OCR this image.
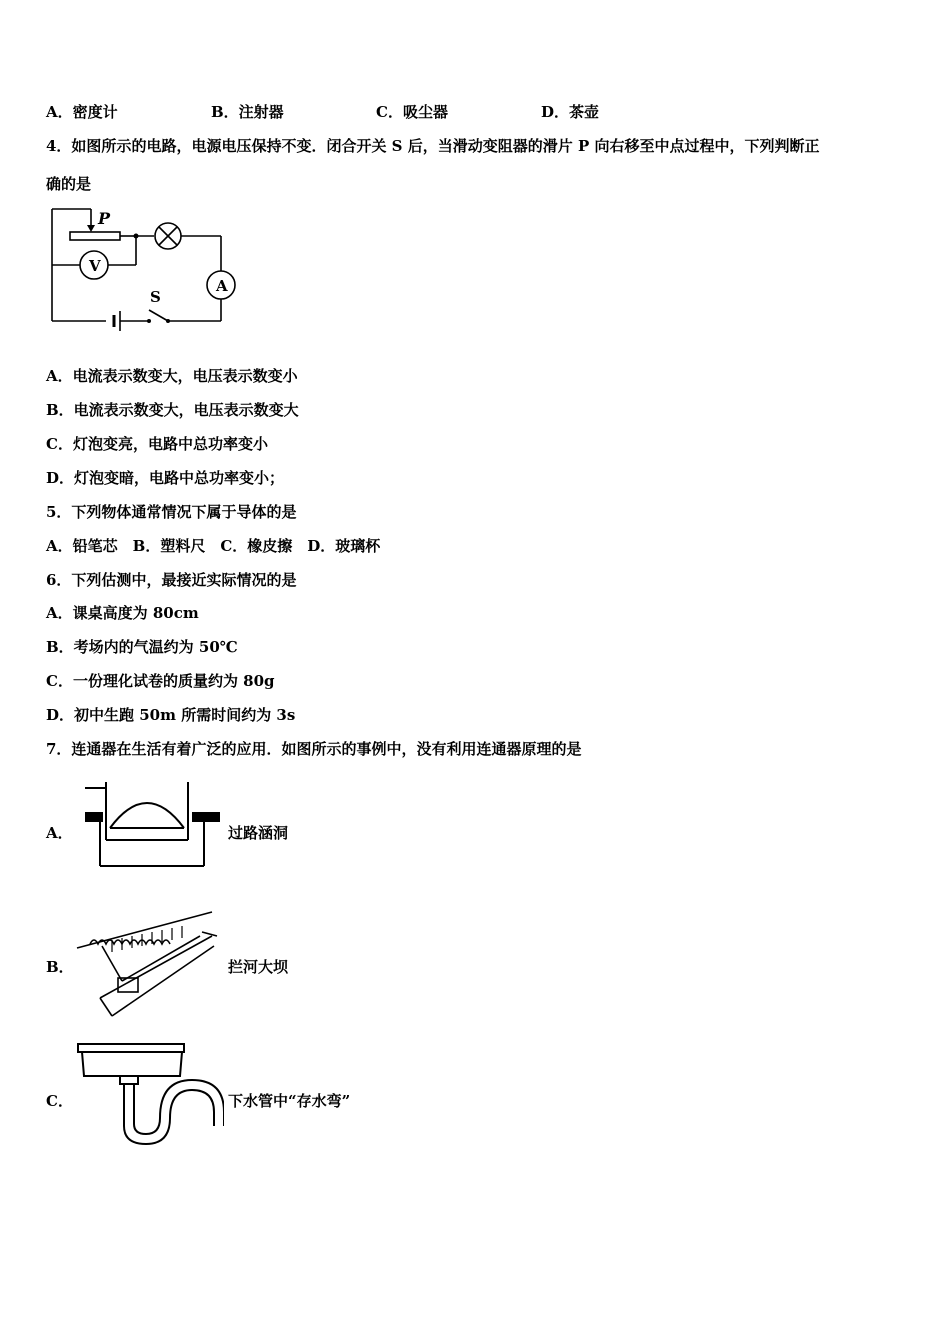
A．密度计	B．注射器	C．吸尘器	D．茶壶
4．如图所示的电路，电源电压保持不变．闭合开关 S 后，当滑动变阻器的滑片 P 向右移至中点过程中，下列判断正
确的是
P
V
A
S
A．电流表示数变大，电压表示数变小
B．电流表示数变大，电压表示数变大
C．灯泡变亮，电路中总功率变小
D．灯泡变暗，电路中总功率变小；
5．下列物体通常情况下属于导体的是
A．铅笔芯　B．塑料尺　C．橡皮擦　D．玻璃杯
6．下列估测中，最接近实际情况的是
A．课桌高度为 80cm
B．考场内的气温约为 50℃
C．一份理化试卷的质量约为 80g
D．初中生跑 50m 所需时间约为 3s
7．连通器在生活有着广泛的应用．如图所示的事例中，没有利用连通器原理的是
A．	过路涵洞
B．	拦河大坝
C．	下水管中“存水弯”
